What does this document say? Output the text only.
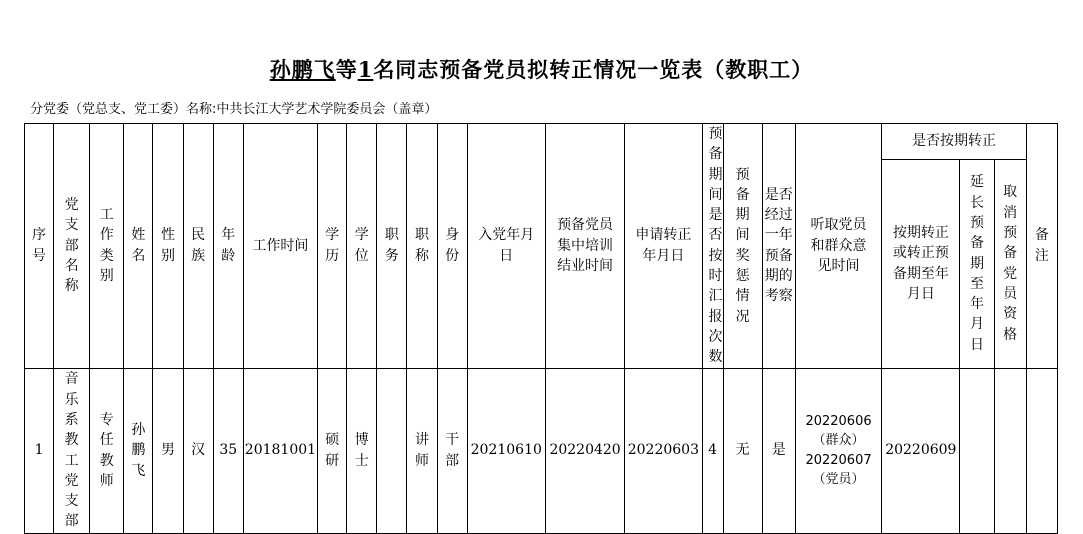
孙鹏飞等1名同志预备党员拟转正情况一览表（教职工）
分党委（党总支、党工委）名称:中共长江大学艺术学院委员会（盖章）
序号	党支部名称	工作类别	姓名	性别	民族	年龄	工作时间	学历	学位	职务	职称	身份	入党年月日	预备党员集中培训结业时间	申请转正年月日	预备期间是否按时汇报次数	预备期间奖惩情况	是否经过一年预备期的考察	听取党员和群众意见时间	是否按期转正			备注

																				按期转正或转正预备期至年月日	延长预备期至年月日	取消预备党员资格	
1	音乐系教工党支部	专任教师	孙鹏飞	男	汉	35	20181001	硕研	博士		讲师	干部	20210610	20220420	20220603	4	无	是	20220606
（群众）
20220607
（党员）	20220609			
